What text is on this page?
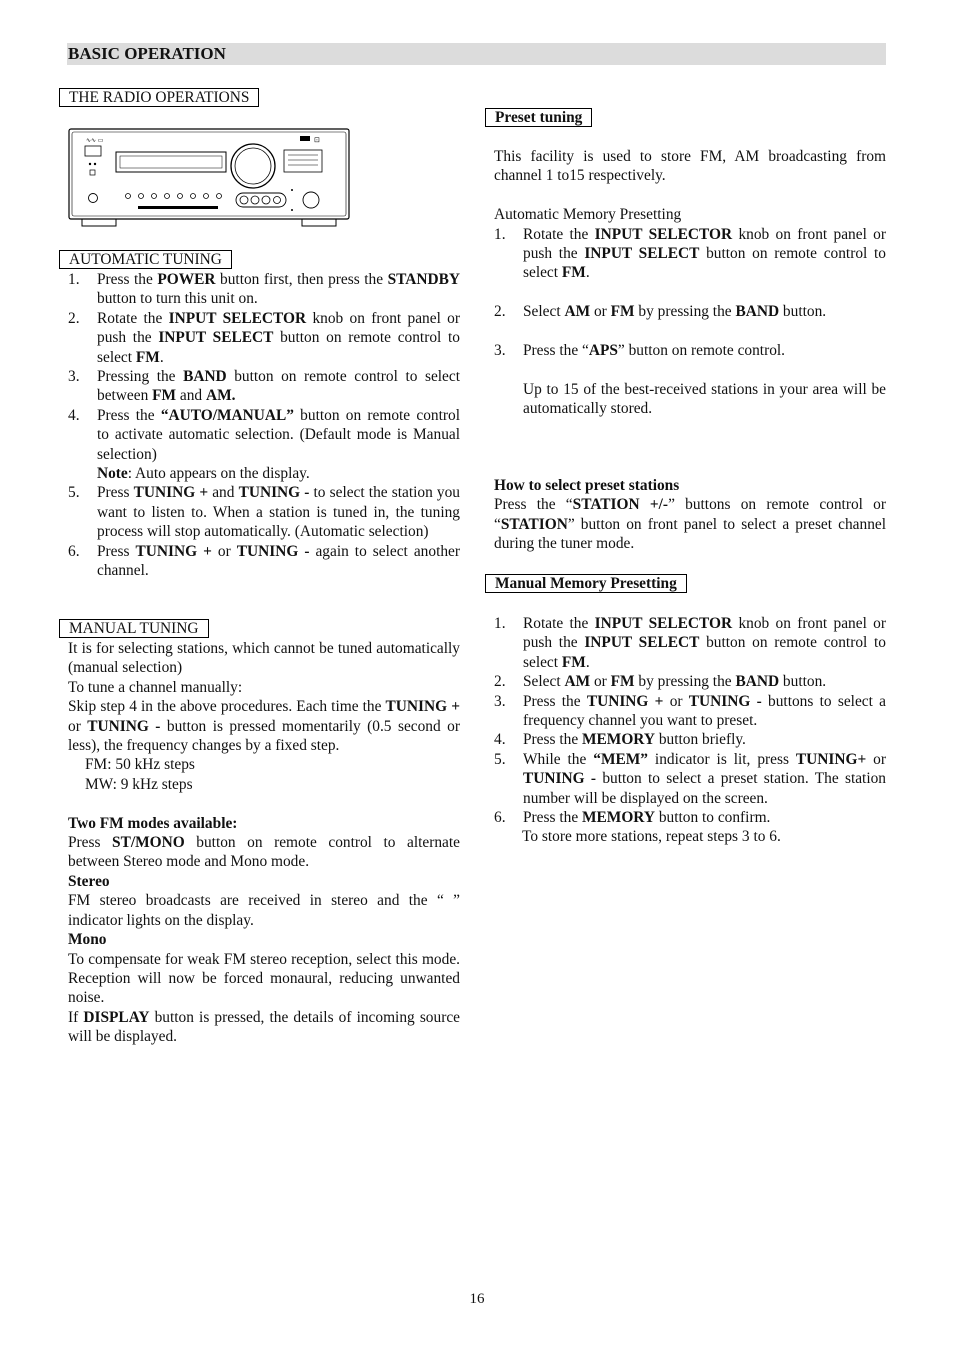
BASIC OPERATION
THE RADIO OPERATIONS
∿∿ ▭	⊡
AUTOMATIC TUNING
1. Press the POWER button first, then press the STANDBY button to turn this unit on.
2. Rotate the INPUT SELECTOR knob on front panel or push the INPUT SELECT button on remote control to select FM.
3. Pressing the BAND button on remote control to select between FM and AM.
4. Press the “AUTO/MANUAL” button on remote control to activate automatic selection. (Default mode is Manual selection)
Note: Auto appears on the display.
5. Press TUNING + and TUNING - to select the station you want to listen to. When a station is tuned in, the tuning process will stop automatically. (Automatic selection)
6. Press TUNING + or TUNING - again to select another channel.
MANUAL TUNING

It is for selecting stations, which cannot be tuned automatically (manual selection)

To tune a channel manually:

Skip step 4 in the above procedures. Each time the TUNING + or TUNING - button is pressed momentarily (0.5 second or less), the frequency changes by a fixed step.

FM: 50 kHz steps

MW: 9 kHz steps

Two FM modes available:

Press ST/MONO button on remote control to alternate between Stereo mode and Mono mode.

Stereo

FM stereo broadcasts are received in stereo and the “ ” indicator lights on the display.

Mono

To compensate for weak FM stereo reception, select this mode. Reception will now be forced monaural, reducing unwanted noise.

If DISPLAY button is pressed, the details of incoming source will be displayed.

Preset tuning

This facility is used to store FM, AM broadcasting from channel 1 to15 respectively.

Automatic Memory Presetting

1. Rotate the INPUT SELECTOR knob on front panel or push the INPUT SELECT button on remote control to select FM.
2. Select AM or FM by pressing the BAND button.
3. Press the “APS” button on remote control.

Up to 15 of the best-received stations in your area will be automatically stored.

How to select preset stations

Press the “STATION +/-” buttons on remote control or “STATION” button on front panel to select a preset channel during the tuner mode.

Manual Memory Presetting
1. Rotate the INPUT SELECTOR knob on front panel or push the INPUT SELECT button on remote control to select FM.
2. Select AM or FM by pressing the BAND button.
3. Press the TUNING + or TUNING - buttons to select a frequency channel you want to preset.
4. Press the MEMORY button briefly.
5. While the “MEM” indicator is lit, press TUNING+ or TUNING - button to select a preset station. The station number will be displayed on the screen.
6. Press the MEMORY button to confirm.

To store more stations, repeat steps 3 to 6.

16
